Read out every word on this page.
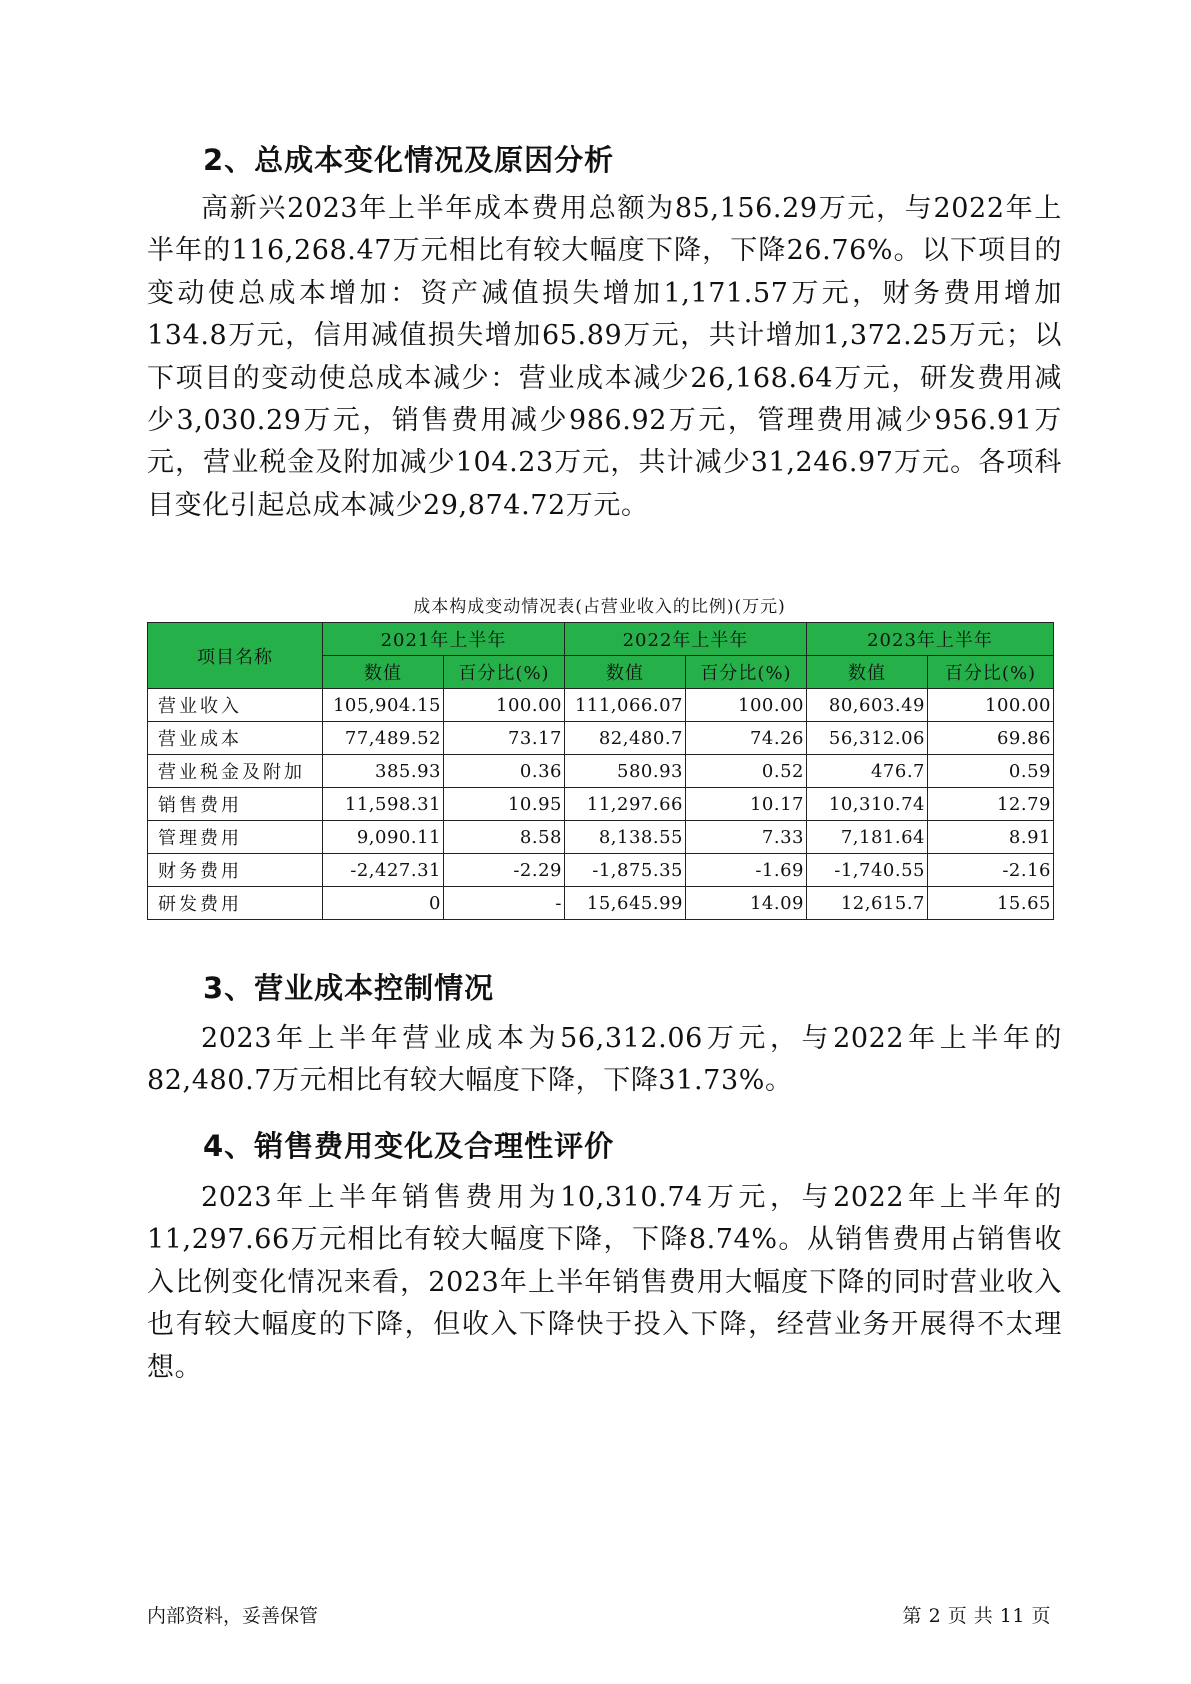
2、总成本变化情况及原因分析

高新兴2023年上半年成本费用总额为85,156.29万元，与2022年上半年的116,268.47万元相比有较大幅度下降，下降26.76%。以下项目的变动使总成本增加：资产减值损失增加1,171.57万元，财务费用增加134.8万元，信用减值损失增加65.89万元，共计增加1,372.25万元；以下项目的变动使总成本减少：营业成本减少26,168.64万元，研发费用减少3,030.29万元，销售费用减少986.92万元，管理费用减少956.91万元，营业税金及附加减少104.23万元，共计减少31,246.97万元。各项科目变化引起总成本减少29,874.72万元。

成本构成变动情况表(占营业收入的比例)(万元)
项目名称	2021年上半年		2022年上半年		2023年上半年	
	数值	百分比(%)	数值	百分比(%)	数值	百分比(%)
营业收入	105,904.15	100.00	111,066.07	100.00	80,603.49	100.00
营业成本	77,489.52	73.17	82,480.7	74.26	56,312.06	69.86
营业税金及附加	385.93	0.36	580.93	0.52	476.7	0.59
销售费用	11,598.31	10.95	11,297.66	10.17	10,310.74	12.79
管理费用	9,090.11	8.58	8,138.55	7.33	7,181.64	8.91
财务费用	-2,427.31	-2.29	-1,875.35	-1.69	-1,740.55	-2.16
研发费用	0	-	15,645.99	14.09	12,615.7	15.65
3、营业成本控制情况

2023年上半年营业成本为56,312.06万元，与2022年上半年的82,480.7万元相比有较大幅度下降，下降31.73%。

4、销售费用变化及合理性评价

2023年上半年销售费用为10,310.74万元，与2022年上半年的11,297.66万元相比有较大幅度下降，下降8.74%。从销售费用占销售收入比例变化情况来看，2023年上半年销售费用大幅度下降的同时营业收入也有较大幅度的下降，但收入下降快于投入下降，经营业务开展得不太理想。

内部资料，妥善保管	第 2 页 共 11 页
